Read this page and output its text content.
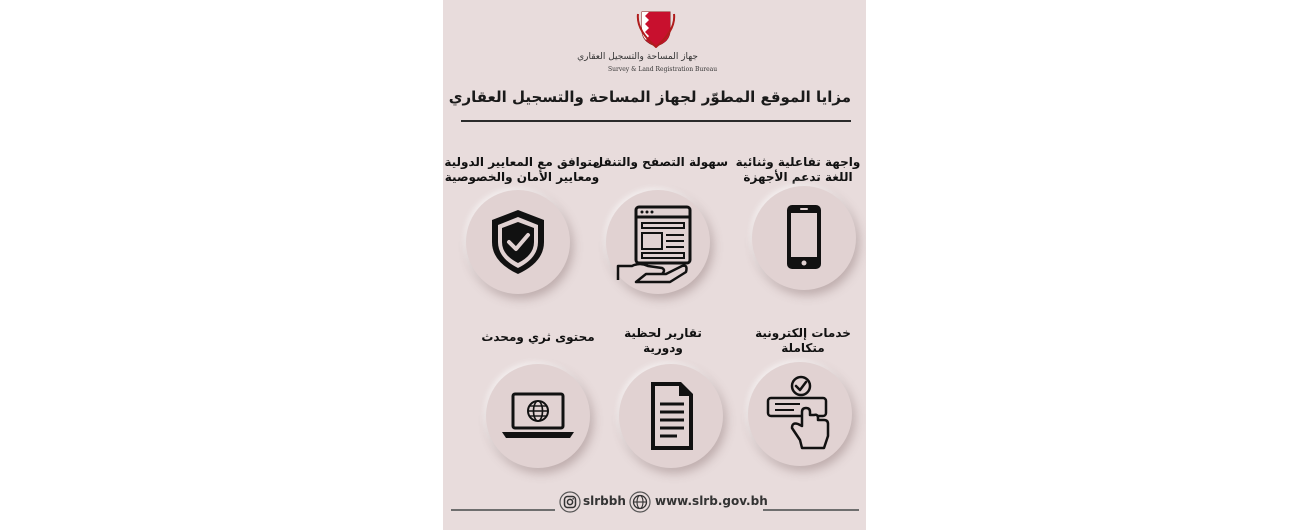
جهاز المساحة والتسجيل العقاري
Survey & Land Registration Bureau
مزايا الموقع المطوّر لجهاز المساحة والتسجيل العقاري
واجهة تفاعلية وثنائية
اللغة تدعم الأجهزة
سهولة التصفح والتنقل
متوافق مع المعايير الدولية
ومعايير الأمان والخصوصية
خدمات إلكترونية
متكاملة
تقارير لحظية
ودورية
محتوى ثري ومحدث
slrbbh www.slrb.gov.bh
